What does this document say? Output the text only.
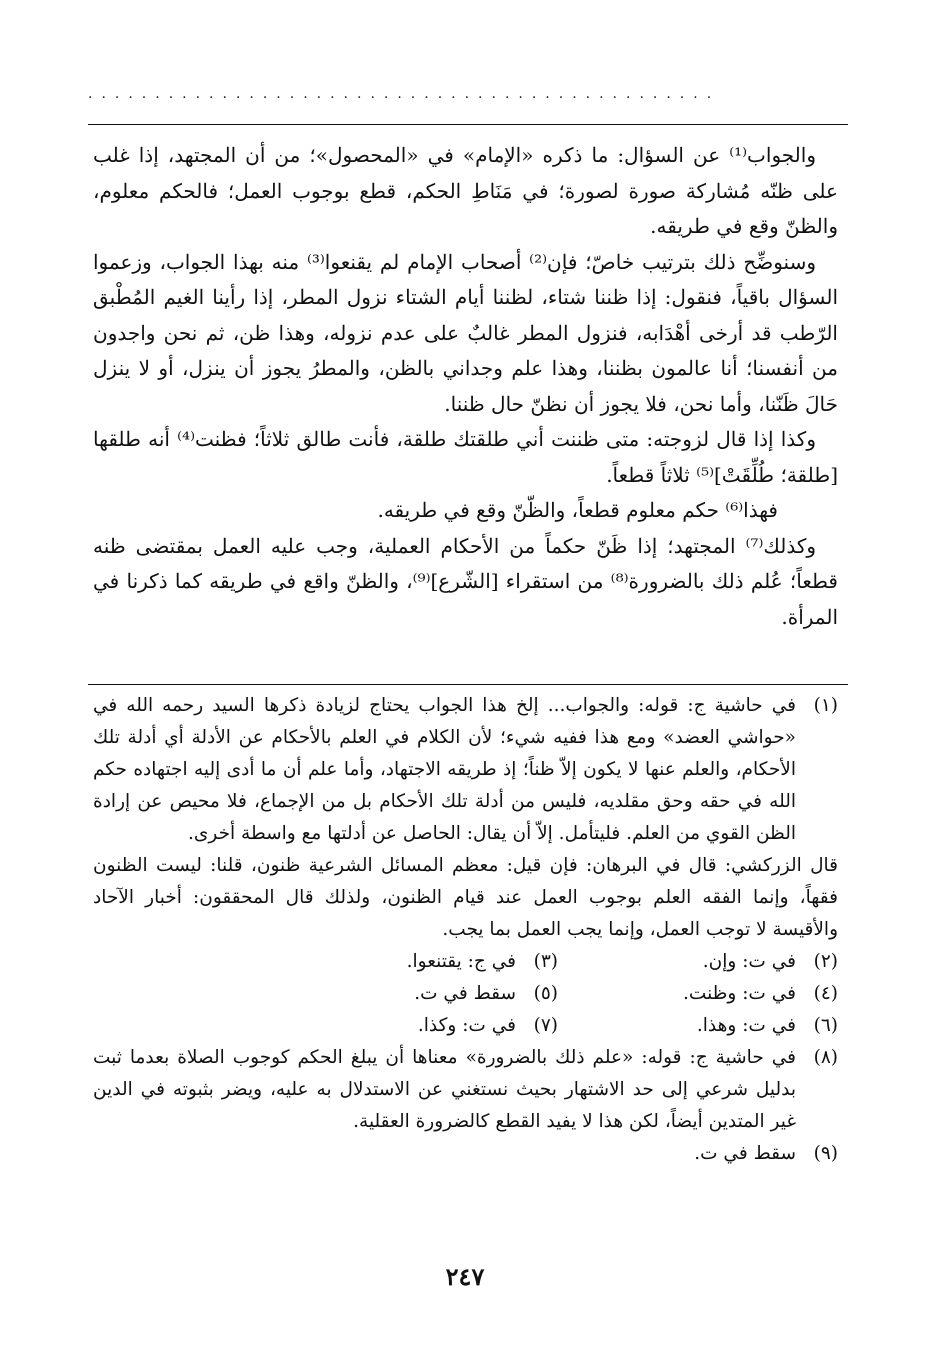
...............................................

والجواب⁽¹⁾ عن السؤال: ما ذكره «الإمام» في «المحصول»؛ من أن المجتهد، إذا غلب على ظنّه مُشاركة صورة لصورة؛ في مَنَاطِ الحكم، قطع بوجوب العمل؛ فالحكم معلوم، والظنّ وقع في طريقه.

وسنوضِّح ذلك بترتيب خاصّ؛ فإن⁽²⁾ أصحاب الإمام لم يقنعوا⁽³⁾ منه بهذا الجواب، وزعموا السؤال باقياً، فنقول: إذا ظننا شتاء، لظننا أيام الشتاء نزول المطر، إذا رأينا الغيم المُطْبق الرّطب قد أرخى أهْدَابه، فنزول المطر غالبٌ على عدم نزوله، وهذا ظن، ثم نحن واجدون من أنفسنا؛ أنا عالمون بظننا، وهذا علم وجداني بالظن، والمطرُ يجوز أن ينزل، أو لا ينزل حَالَ ظَنّنا، وأما نحن، فلا يجوز أن نظنّ حال ظننا.

وكذا إذا قال لزوجته: متى ظننت أني طلقتك طلقة، فأنت طالق ثلاثاً؛ فظنت⁽⁴⁾ أنه طلقها [طلقة؛ طُلِّقَتْ]⁽⁵⁾ ثلاثاً قطعاً.

فهذا⁽⁶⁾ حكم معلوم قطعاً، والظّنّ وقع في طريقه.

وكذلك⁽⁷⁾ المجتهد؛ إذا ظَنّ حكماً من الأحكام العملية، وجب عليه العمل بمقتضى ظنه قطعاً؛ عُلم ذلك بالضرورة⁽⁸⁾ من استقراء [الشّرع]⁽⁹⁾، والظنّ واقع في طريقه كما ذكرنا في المرأة.

(١)

في حاشية ج: قوله: والجواب... إلخ هذا الجواب يحتاج لزيادة ذكرها السيد رحمه الله في «حواشي العضد» ومع هذا ففيه شيء؛ لأن الكلام في العلم بالأحكام عن الأدلة أي أدلة تلك الأحكام، والعلم عنها لا يكون إلاّ ظناً؛ إذ طريقه الاجتهاد، وأما علم أن ما أدى إليه اجتهاده حكم الله في حقه وحق مقلديه، فليس من أدلة تلك الأحكام بل من الإجماع، فلا محيص عن إرادة الظن القوي من العلم. فليتأمل. إلاّ أن يقال: الحاصل عن أدلتها مع واسطة أخرى.

قال الزركشي: قال في البرهان: فإن قيل: معظم المسائل الشرعية ظنون، قلنا: ليست الظنون فقهاً، وإنما الفقه العلم بوجوب العمل عند قيام الظنون، ولذلك قال المحققون: أخبار الآحاد والأقيسة لا توجب العمل، وإنما يجب العمل بما يجب.

(٢)
في ت: وإن.
(٣)
في ج: يقتنعوا.
(٤)
في ت: وظنت.
(٥)
سقط في ت.
(٦)
في ت: وهذا.
(٧)
في ت: وكذا.
(٨)

في حاشية ج: قوله: «علم ذلك بالضرورة» معناها أن يبلغ الحكم كوجوب الصلاة بعدما ثبت بدليل شرعي إلى حد الاشتهار بحيث نستغني عن الاستدلال به عليه، ويضر بثبوته في الدين غير المتدين أيضاً، لكن هذا لا يفيد القطع كالضرورة العقلية.

(٩)

سقط في ت.

٢٤٧
